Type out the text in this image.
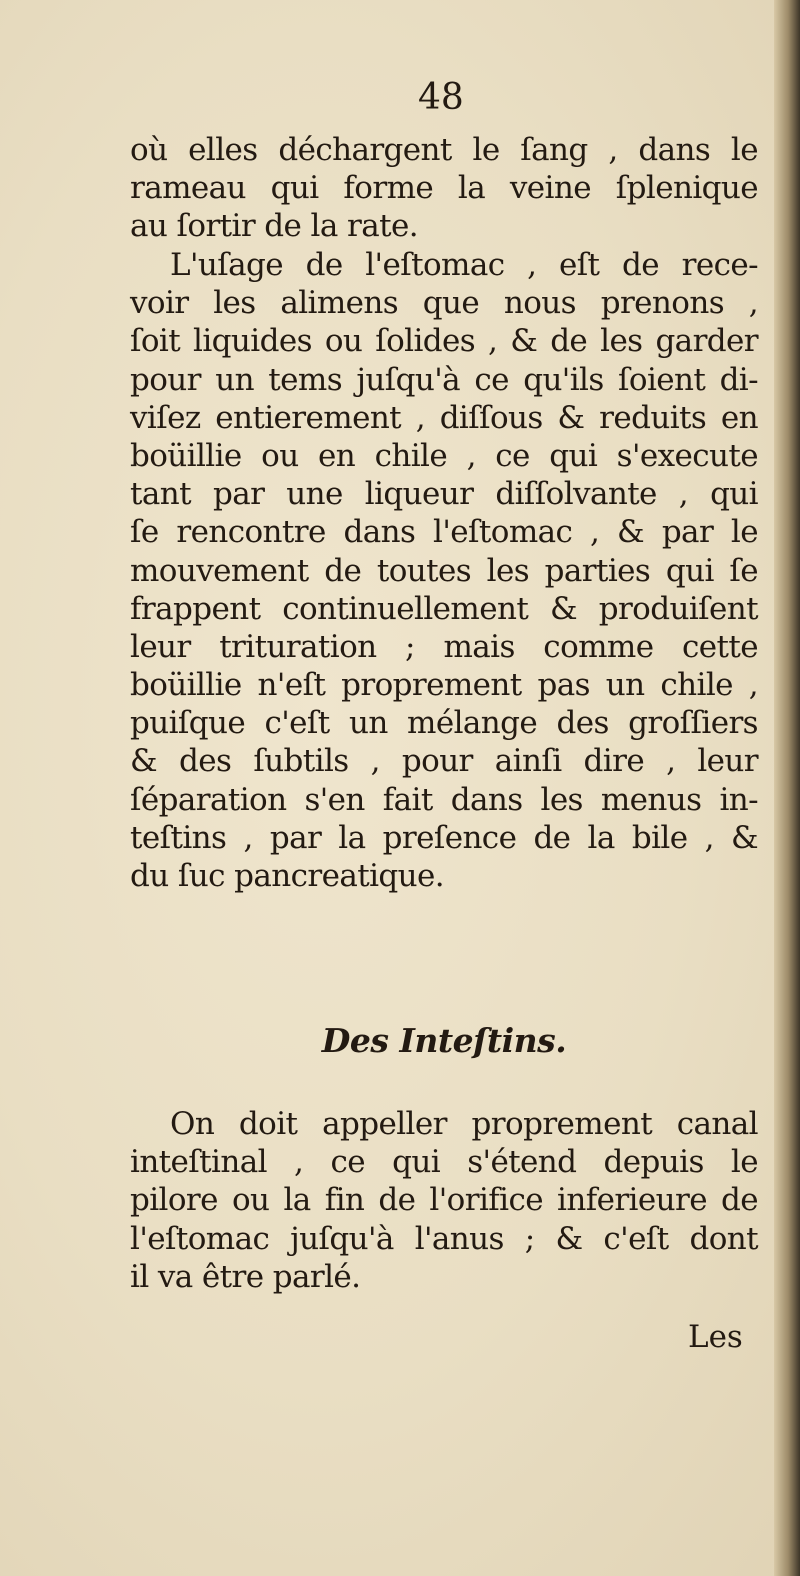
48

où elles déchargent le ſang , dans le
rameau qui forme la veine ſplenique
au ſortir de la rate.

L'uſage de l'eſtomac , eſt de rece-
voir les alimens que nous prenons ,
ſoit liquides ou ſolides , & de les garder
pour un tems juſqu'à ce qu'ils ſoient di-
viſez entierement , diſſous & reduits en
boüillie ou en chile , ce qui s'execute
tant par une liqueur diſſolvante , qui
ſe rencontre dans l'eſtomac , & par le
mouvement de toutes les parties qui ſe
frappent continuellement & produiſent
leur trituration ; mais comme cette
boüillie n'eſt proprement pas un chile ,
puiſque c'eſt un mélange des groſſiers
& des ſubtils , pour ainſi dire , leur
ſéparation s'en fait dans les menus in-
teſtins , par la preſence de la bile , &
du ſuc pancreatique.

Des Inteſtins.

On doit appeller proprement canal
inteſtinal , ce qui s'étend depuis le
pilore ou la fin de l'orifice inferieure de
l'eſtomac juſqu'à l'anus ; & c'eſt dont
il va être parlé.

Les
